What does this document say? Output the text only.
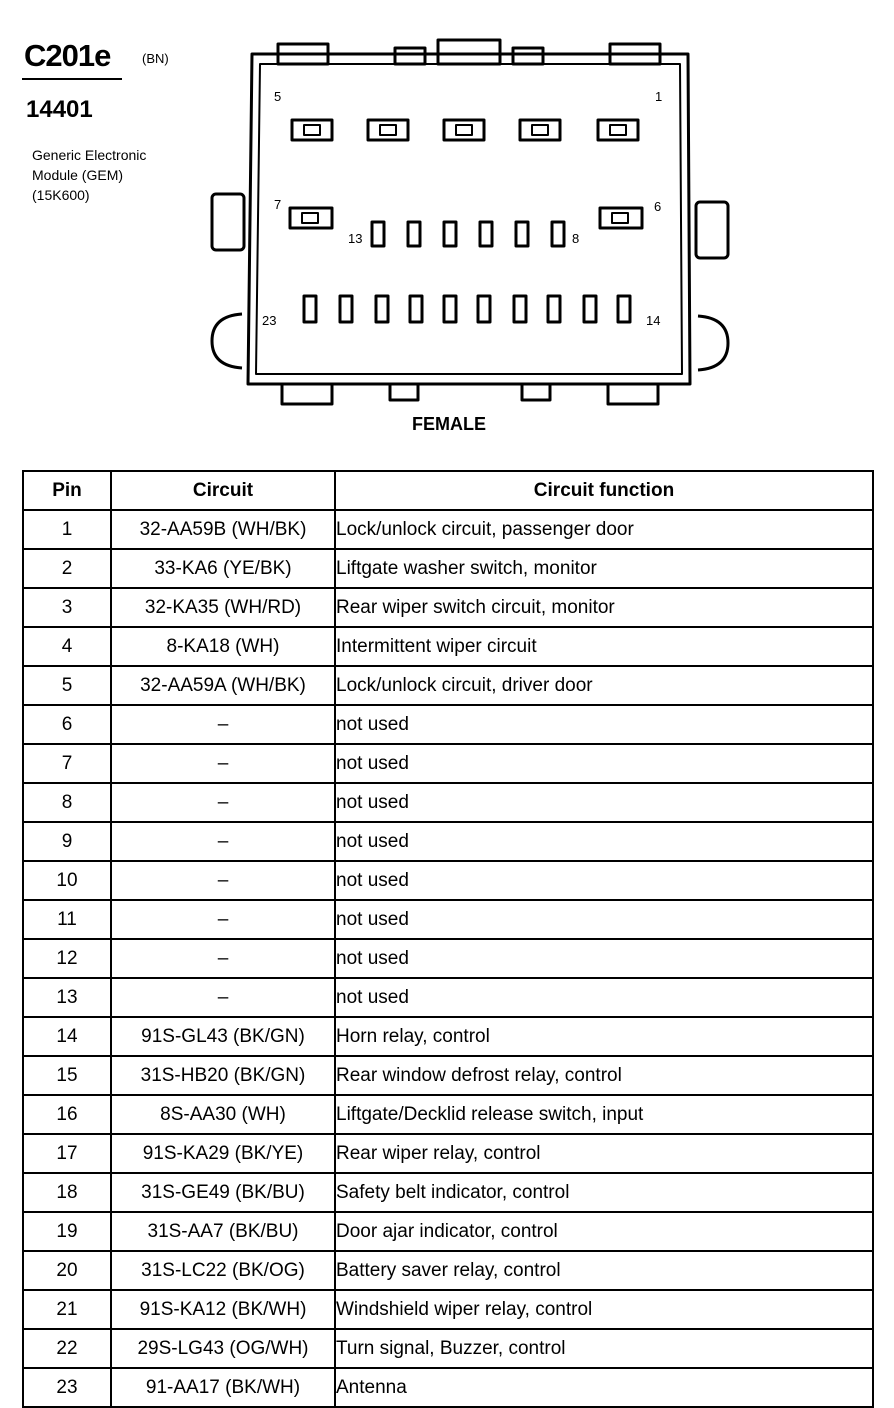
C201e (BN)
14401
Generic Electronic
Module (GEM)
(15K600)
5	1
7	6
13	8
23	14
FEMALE
Pin	Circuit	Circuit function
1	32-AA59B (WH/BK)	Lock/unlock circuit, passenger door
2	33-KA6 (YE/BK)	Liftgate washer switch, monitor
3	32-KA35 (WH/RD)	Rear wiper switch circuit, monitor
4	8-KA18 (WH)	Intermittent wiper circuit
5	32-AA59A (WH/BK)	Lock/unlock circuit, driver door
6	–	not used
7	–	not used
8	–	not used
9	–	not used
10	–	not used
11	–	not used
12	–	not used
13	–	not used
14	91S-GL43 (BK/GN)	Horn relay, control
15	31S-HB20 (BK/GN)	Rear window defrost relay, control
16	8S-AA30 (WH)	Liftgate/Decklid release switch, input
17	91S-KA29 (BK/YE)	Rear wiper relay, control
18	31S-GE49 (BK/BU)	Safety belt indicator, control
19	31S-AA7 (BK/BU)	Door ajar indicator, control
20	31S-LC22 (BK/OG)	Battery saver relay, control
21	91S-KA12 (BK/WH)	Windshield wiper relay, control
22	29S-LG43 (OG/WH)	Turn signal, Buzzer, control
23	91-AA17 (BK/WH)	Antenna
